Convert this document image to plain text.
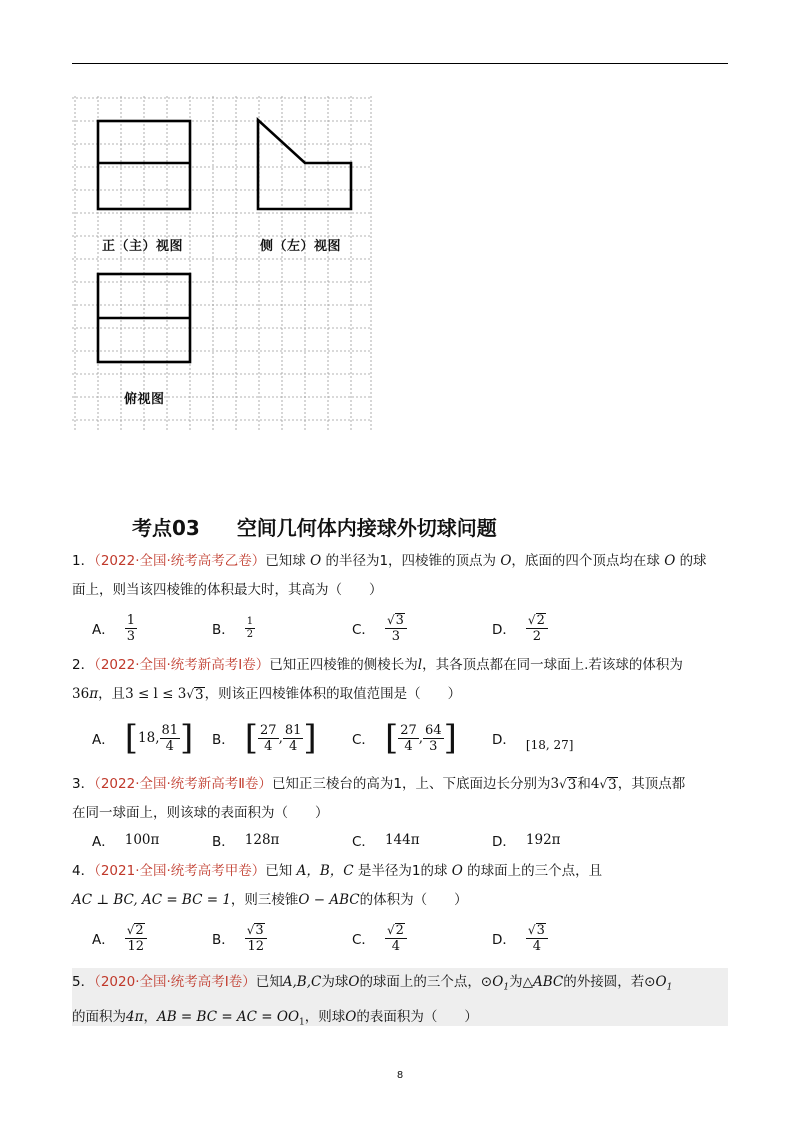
正（主）视图	侧（左）视图
俯视图
考点03 空间几何体内接球外切球问题
1．（2022·全国·统考高考乙卷）已知球 O 的半径为1，四棱锥的顶点为 O，底面的四个顶点均在球 O 的球
面上，则当该四棱锥的体积最大时，其高为（　　）
A． $\frac{1}{3}$	B． $\frac{1}{2}$	C． $\frac{√ 3}{3}$	D． $\frac{√ 2}{2}$
2．（2022·全国·统考新高考Ⅰ卷）已知正四棱锥的侧棱长为l，其各顶点都在同一球面上.若该球的体积为
36π，且3 ≤ l ≤ 3 √ 3 ，则该正四棱锥体积的取值范围是（　　）
A． [ 18, $\frac{81}{4}$ ] B． [ $\frac{27}{4}$ , $\frac{81}{4}$ ]	C． [ $\frac{27}{4}$ , $\frac{64}{3}$ ]	D． [18, 27]
3．（2022·全国·统考新高考Ⅱ卷）已知正三棱台的高为1，上、下底面边长分别为3 √ 3 和4 √ 3 ，其顶点都
在同一球面上，则该球的表面积为（　　）
A． 100π	B． 128π	C． 144π	D． 192π
4．（2021·全国·统考高考甲卷）已知 A，B，C 是半径为1的球 O 的球面上的三个点，且
AC ⊥ BC, AC = BC = 1，则三棱锥O − ABC的体积为（　　）
A． $\frac{√ 2}{12}$	B． $\frac{√ 3}{12}$	C． $\frac{√ 2}{4}$	D． $\frac{√ 3}{4}$
5．（2020·全国·统考高考Ⅰ卷）已知A,B,C为球O的球面上的三个点，$⊙O_1$为△ABC的外接圆，若$⊙O_1$
的面积为4π，AB = BC = AC = $OO_1$，则球O的表面积为（　　）
8
